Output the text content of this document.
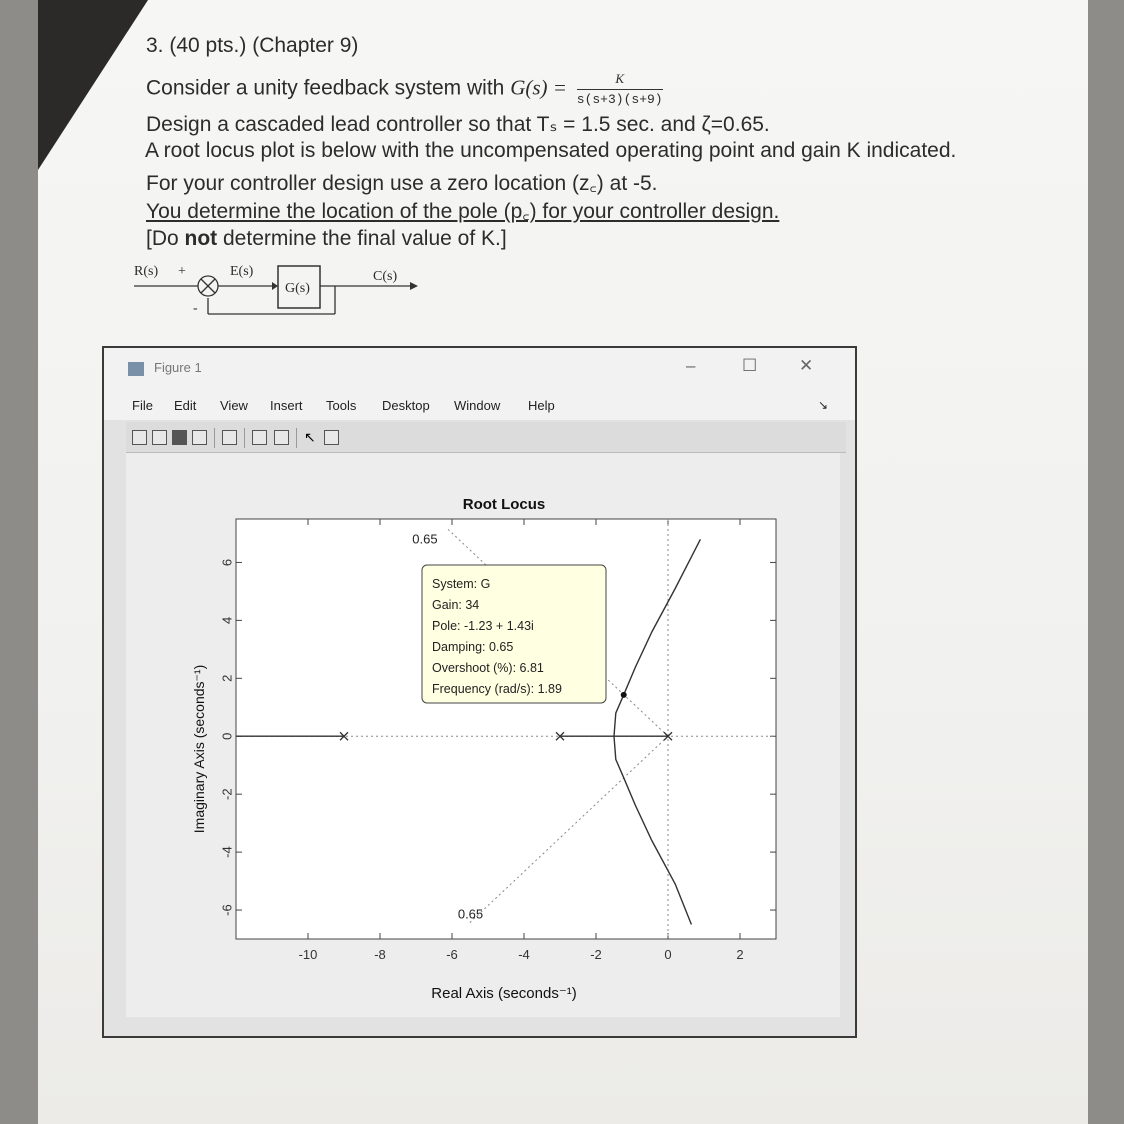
3. (40 pts.) (Chapter 9)
Consider a unity feedback system with $G(s) = \frac{K}{s(s+3)(s+9)}$
Design a cascaded lead controller so that Tₛ = 1.5 sec. and ζ=0.65.
A root locus plot is below with the uncompensated operating point and gain K indicated.
For your controller design use a zero location (z꜀) at -5.
You determine the location of the pole (p꜀) for your controller design.
[Do not determine the final value of K.]
R(s) +	E(s)
G(s)
C(s)
-
Figure 1	–	☐ ✕
File Edit View Insert Tools Desktop Window Help	↘
↖
-10	-8	-6	-4	-2	0	2
-6
-4
-2
0
2
4
6
Root Locus
Real Axis (seconds⁻¹)
Imaginary Axis (seconds⁻¹)
0.65
0.65
System: G
Gain: 34
Pole: -1.23 + 1.43i
Damping: 0.65
Overshoot (%): 6.81
Frequency (rad/s): 1.89
